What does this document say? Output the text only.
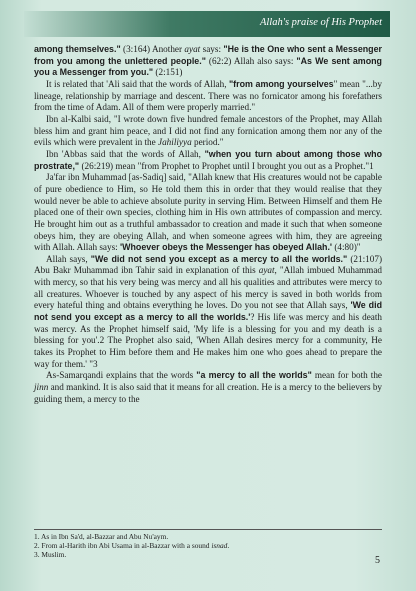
Allah's praise of His Prophet

among themselves." (3:164) Another ayat says: "He is the One who sent a Messenger from you among the unlettered people." (62:2) Allah also says: "As We sent among you a Messenger from you." (2:151)

It is related that 'Ali said that the words of Allah, "from among yourselves" mean "...by lineage, relationship by marriage and descent. There was no fornicator among his forefathers from the time of Adam. All of them were properly married."

Ibn al-Kalbi said, "I wrote down five hundred female ancestors of the Prophet, may Allah bless him and grant him peace, and I did not find any fornication among them nor any of the evils which were prevalent in the Jahiliyya period."

Ibn 'Abbas said that the words of Allah, "when you turn about among those who prostrate," (26:219) mean "from Prophet to Prophet until I brought you out as a Prophet."1

Ja'far ibn Muhammad [as-Sadiq] said, "Allah knew that His creatures would not be capable of pure obedience to Him, so He told them this in order that they would realise that they would never be able to achieve absolute purity in serving Him. Between Himself and them He placed one of their own species, clothing him in His own attributes of compassion and mercy. He brought him out as a truthful ambassador to creation and made it such that when someone obeys him, they are obeying Allah, and when someone agrees with him, they are agreeing with Allah. Allah says: 'Whoever obeys the Messenger has obeyed Allah.' (4:80)"

Allah says, "We did not send you except as a mercy to all the worlds." (21:107) Abu Bakr Muhammad ibn Tahir said in explanation of this ayat, "Allah imbued Muhammad with mercy, so that his very being was mercy and all his qualities and attributes were mercy to all creatures. Whoever is touched by any aspect of his mercy is saved in both worlds from every hateful thing and obtains everything he loves. Do you not see that Allah says, 'We did not send you except as a mercy to all the worlds.'? His life was mercy and his death was mercy. As the Prophet himself said, 'My life is a blessing for you and my death is a blessing for you'.2 The Prophet also said, 'When Allah desires mercy for a community, He takes its Prophet to Him before them and He makes him one who goes ahead to prepare the way for them.' "3

As-Samarqandi explains that the words "a mercy to all the worlds" mean for both the jinn and mankind. It is also said that it means for all creation. He is a mercy to the believers by guiding them, a mercy to the

1. As in Ibn Sa'd, al-Bazzar and Abu Nu'aym.
2. From al-Harith ibn Abi Usama in al-Bazzar with a sound isnad.
3. Muslim.
5
